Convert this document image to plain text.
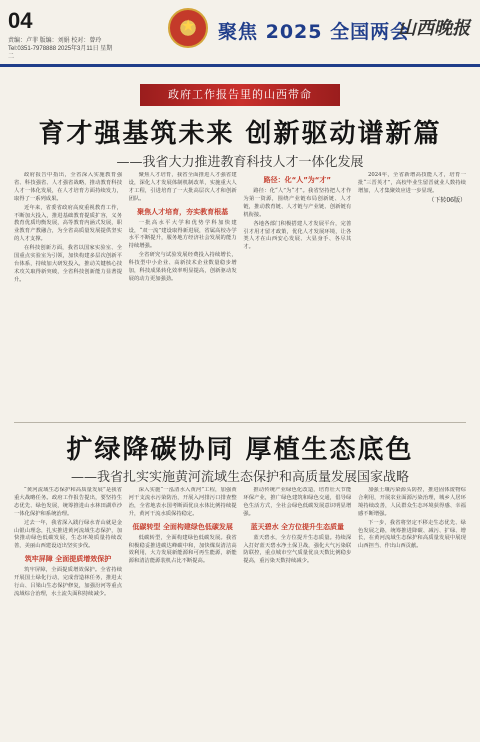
04
责编：卢菲 版编：刘娟 校对：曾玲
Tel:0351-7978888 2025年3月11日 星期二
★ 聚焦 2025 全国两会
山西晚报
政府工作报告里的山西带命
育才强基筑未来 创新驱动谱新篇
——我省大力推进教育科技人才一体化发展

政府报告中指出，全省深入实施教育强省、科技强省、人才强省战略，推动教育科技人才一体化发展，在人才培育方面持续发力，取得了一系列成果。

近年来，省委省政府高度重视教育工作，不断加大投入，推进基础教育提质扩容，义务教育优质均衡发展，高等教育内涵式发展，职业教育产教融合，为全省高质量发展提供坚实的人才支撑。

在科技创新方面，我省以国家实验室、全国重点实验室为引领，加快构建多层次创新平台体系，持续加大研发投入，推动关键核心技术攻关取得新突破，全省科技创新能力显著提升。

聚焦人才培育，我省全面推进人才强省建设，深化人才发展体制机制改革，实施重大人才工程，引进培育了一大批高层次人才和创新团队。

聚焦人才培育，夯实教育根基

一批高水平大学和优势学科加快建设，“双一流”建设取得新进展，省属高校办学水平不断提升，服务地方经济社会发展的能力持续增强。

全省研究与试验发展经费投入持续增长，科技型中小企业、高新技术企业数量稳步增加，科技成果转化效率明显提高，创新驱动发展的动力更加强劲。

路径：化“人”为“才”

路径：化“人”为“才”。我省坚持把人才作为第一资源，围绕产业链布局创新链、人才链，推动教育链、人才链与产业链、创新链有机衔接。

各地各部门积极搭建人才发展平台，完善引才用才留才政策，优化人才发展环境，让各类人才在山西安心发展、大显身手、各尽其才。

2024年，全省新增高技能人才，培育一批“三晋英才”，高校毕业生留晋就业人数持续增加，人才集聚效应进一步显现。

（下转06版）
扩绿降碳协同 厚植生态底色
——我省扎实实施黄河流域生态保护和高质量发展国家战略

“黄河流域生态保护和高质量发展”是我省重大战略任务。政府工作报告提出，要坚持生态优先、绿色发展，统筹推进山水林田湖草沙一体化保护和系统治理。

过去一年，我省深入践行绿水青山就是金山银山理念，扎实推进黄河流域生态保护，加快推动绿色低碳发展，生态环境质量持续改善，美丽山西建设迈出坚实步伐。

筑牢屏障 全面提质增效保护

筑牢屏障，全面提质增效保护。全省持续开展国土绿化行动，完成营造林任务，推进太行山、吕梁山生态保护修复，加强汾河等重点流域综合治理，水土流失面积持续减少。

深入实施“一泓清水入黄河”工程，加强黄河干支流水污染防治，开展入河排污口排查整治，全省地表水国考断面优良水体比例持续提升，黄河干流水质保持稳定。

低碳转型 全面构建绿色低碳发展

低碳转型，全面构建绿色低碳发展。我省积极稳妥推进碳达峰碳中和，加快煤炭清洁高效利用，大力发展新能源和可再生能源，新能源和清洁能源装机占比不断提高。

推动传统产业绿色化改造，培育壮大节能环保产业，推广绿色建筑和绿色交通，倡导绿色生活方式，全社会绿色低碳发展意识明显增强。

蓝天碧水 全方位提升生态质量

蓝天碧水，全方位提升生态质量。持续深入打好蓝天碧水净土保卫战，强化大气污染联防联控，重点城市空气质量优良天数比例稳步提高，重污染天数持续减少。

加强土壤污染源头防控，推进固体废物综合利用，开展农业面源污染治理，城乡人居环境持续改善，人民群众生态环境获得感、幸福感不断增强。

下一步，我省将坚定不移走生态优先、绿色发展之路，统筹推进降碳、减污、扩绿、增长，在黄河流域生态保护和高质量发展中展现山西担当、作出山西贡献。
